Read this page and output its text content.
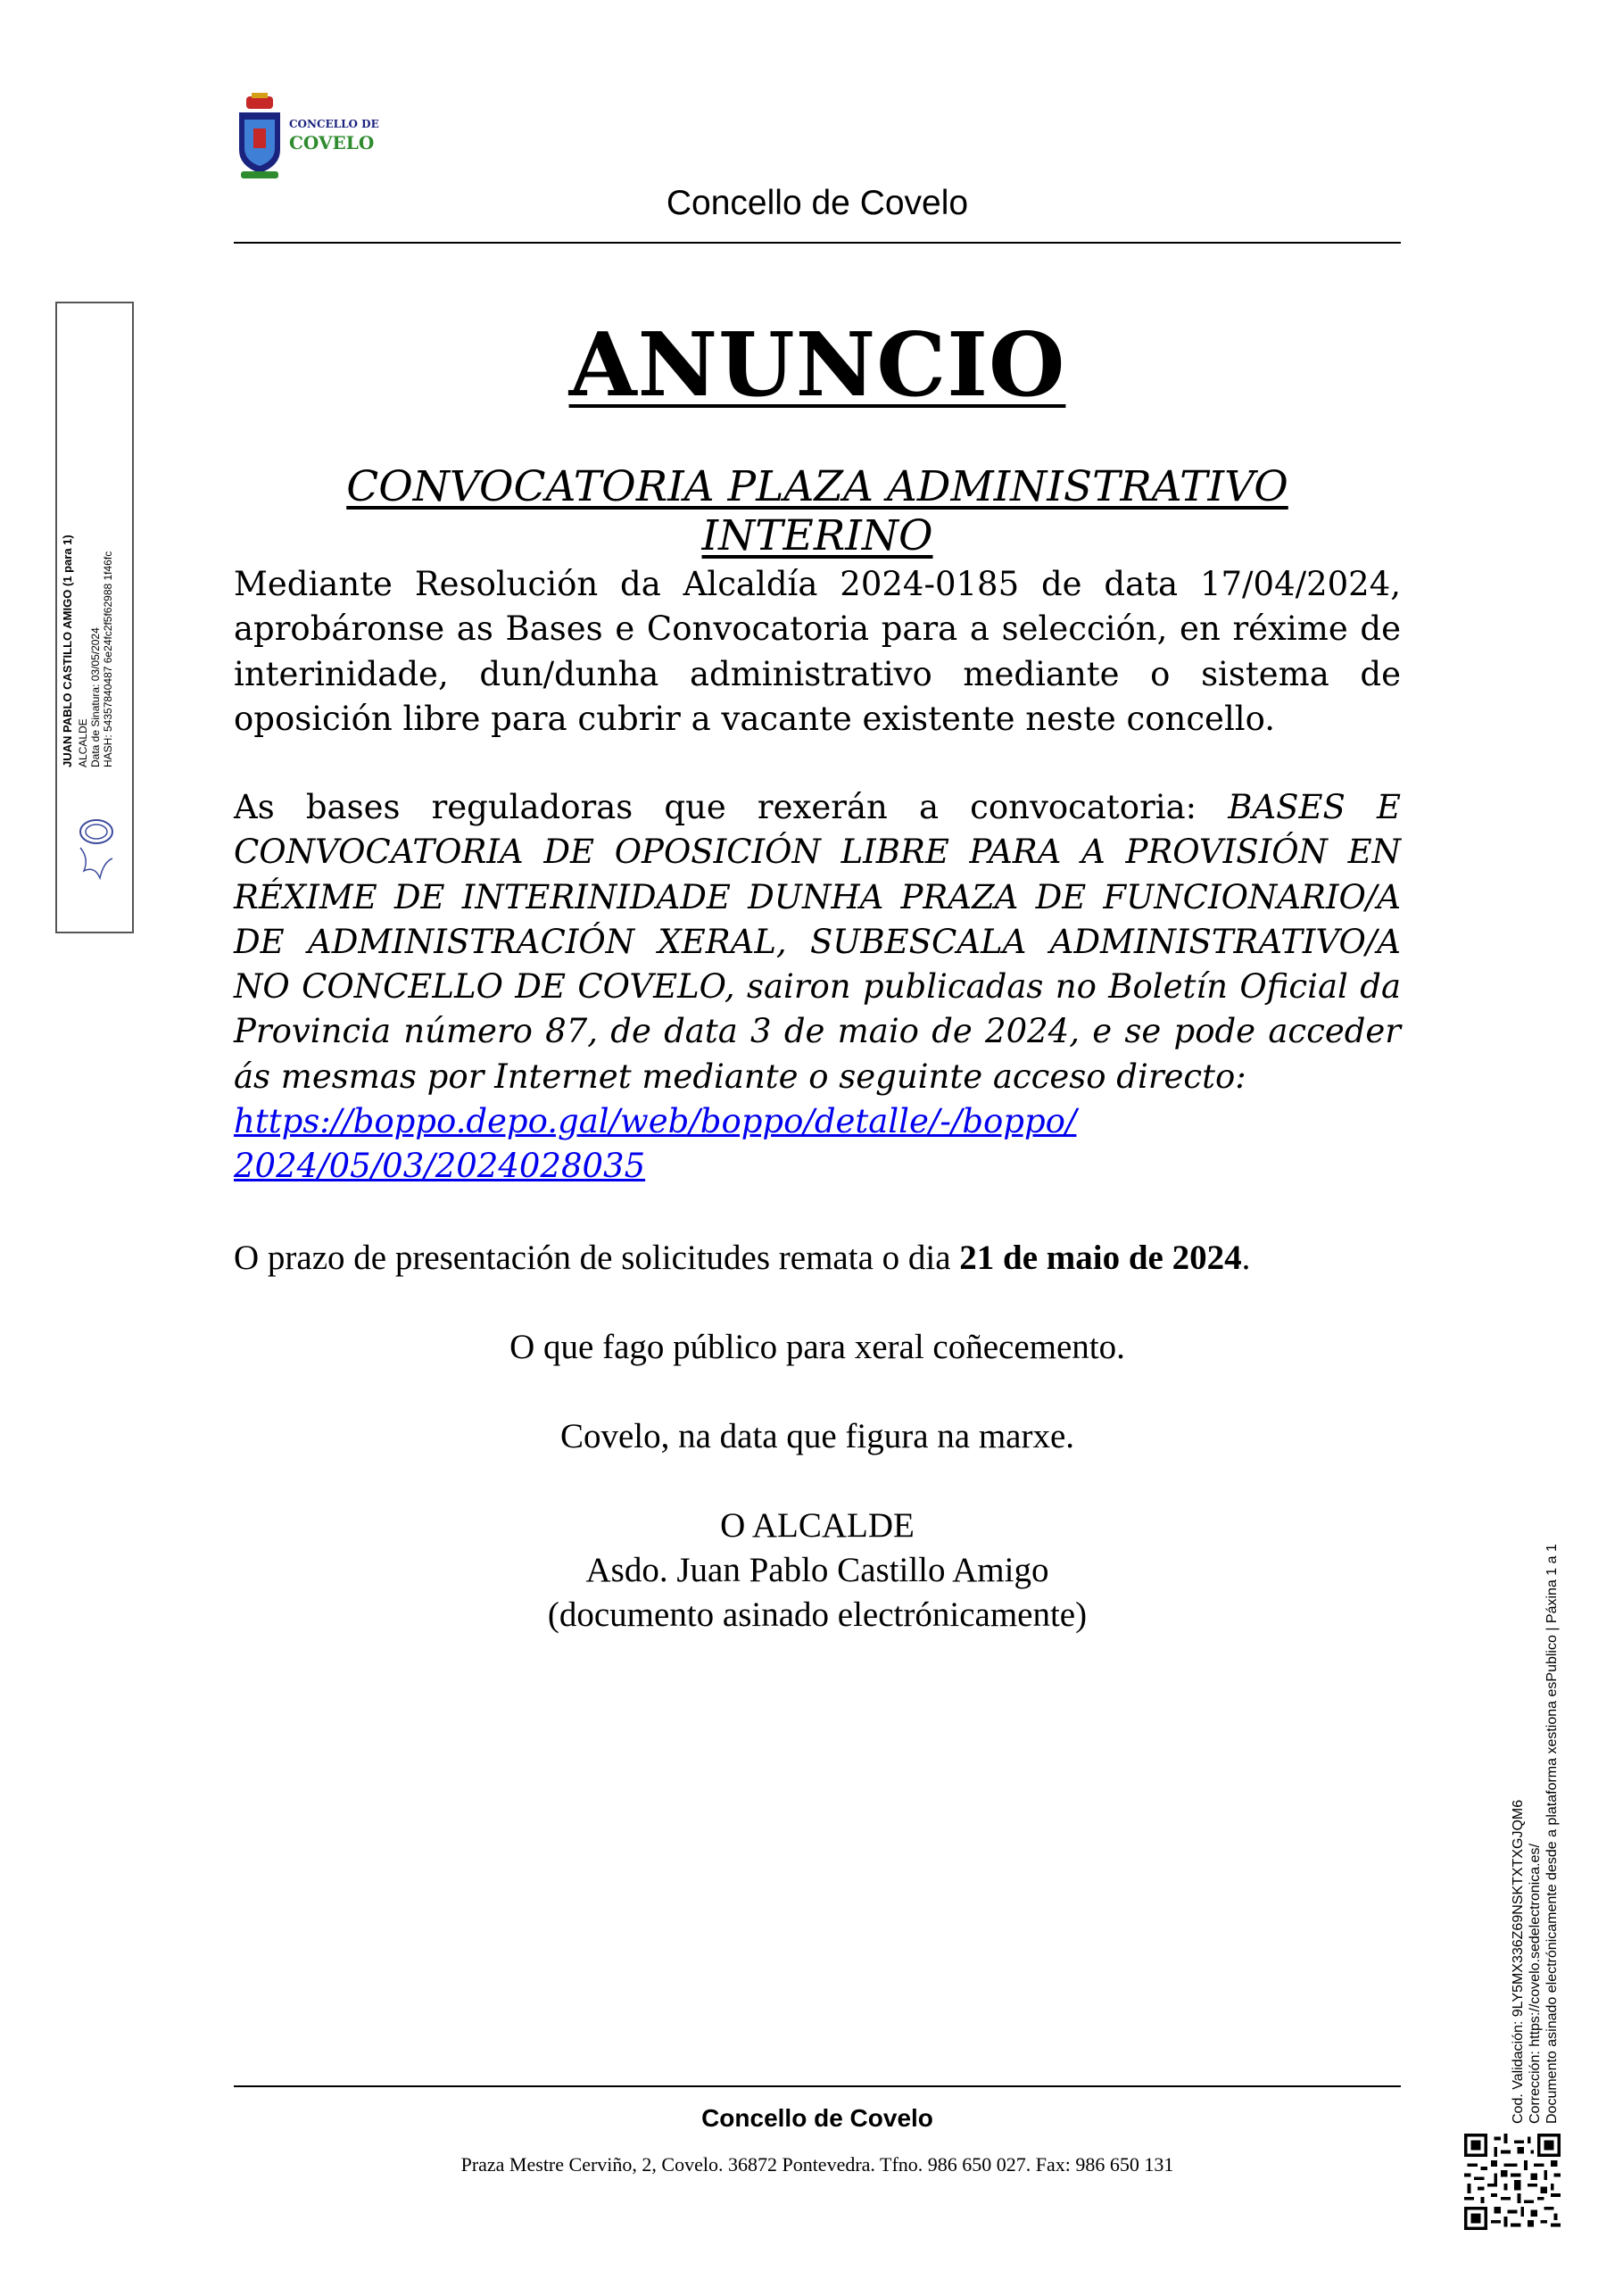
CONCELLO DE
COVELO
Concello de Covelo
ANUNCIO
CONVOCATORIA PLAZA ADMINISTRATIVO INTERINO
Mediante Resolución da Alcaldía 2024-0185 de data 17/04/2024, aprobáronse as Bases e Convocatoria para a selección, en réxime de interinidade, dun/dunha administrativo mediante o sistema de oposición libre para cubrir a vacante existente neste concello.
As bases reguladoras que rexerán a convocatoria: BASES E CONVOCATORIA DE OPOSICIÓN LIBRE PARA A PROVISIÓN EN RÉXIME DE INTERINIDADE DUNHA PRAZA DE FUNCIONARIO/A DE ADMINISTRACIÓN XERAL, SUBESCALA ADMINISTRATIVO/A NO CONCELLO DE COVELO, sairon publicadas no Boletín Oficial da Provincia número 87, de data 3 de maio de 2024, e se pode acceder ás mesmas por Internet mediante o seguinte acceso directo:
https://boppo.depo.gal/web/boppo/detalle/-/boppo/
2024/05/03/2024028035
O prazo de presentación de solicitudes remata o dia 21 de maio de 2024.
O que fago público para xeral coñecemento.
Covelo, na data que figura na marxe.
O ALCALDE
Asdo. Juan Pablo Castillo Amigo
(documento asinado electrónicamente)
Concello de Covelo
Praza Mestre Cerviño, 2, Covelo. 36872 Pontevedra. Tfno. 986 650 027. Fax: 986 650 131
JUAN PABLO CASTILLO AMIGO (1 para 1) ALCALDE Data de Sinatura: 03/05/2024 HASH: 54357840487 6e24fc2f5f62988 1f46fc
Cod. Validación: 9LY5MX336Z69NSKTXTXGJQM6 Corrección: https://covelo.sedelectronica.es/ Documento asinado electrónicamente desde a plataforma xestiona esPublico | Páxina 1 a 1
